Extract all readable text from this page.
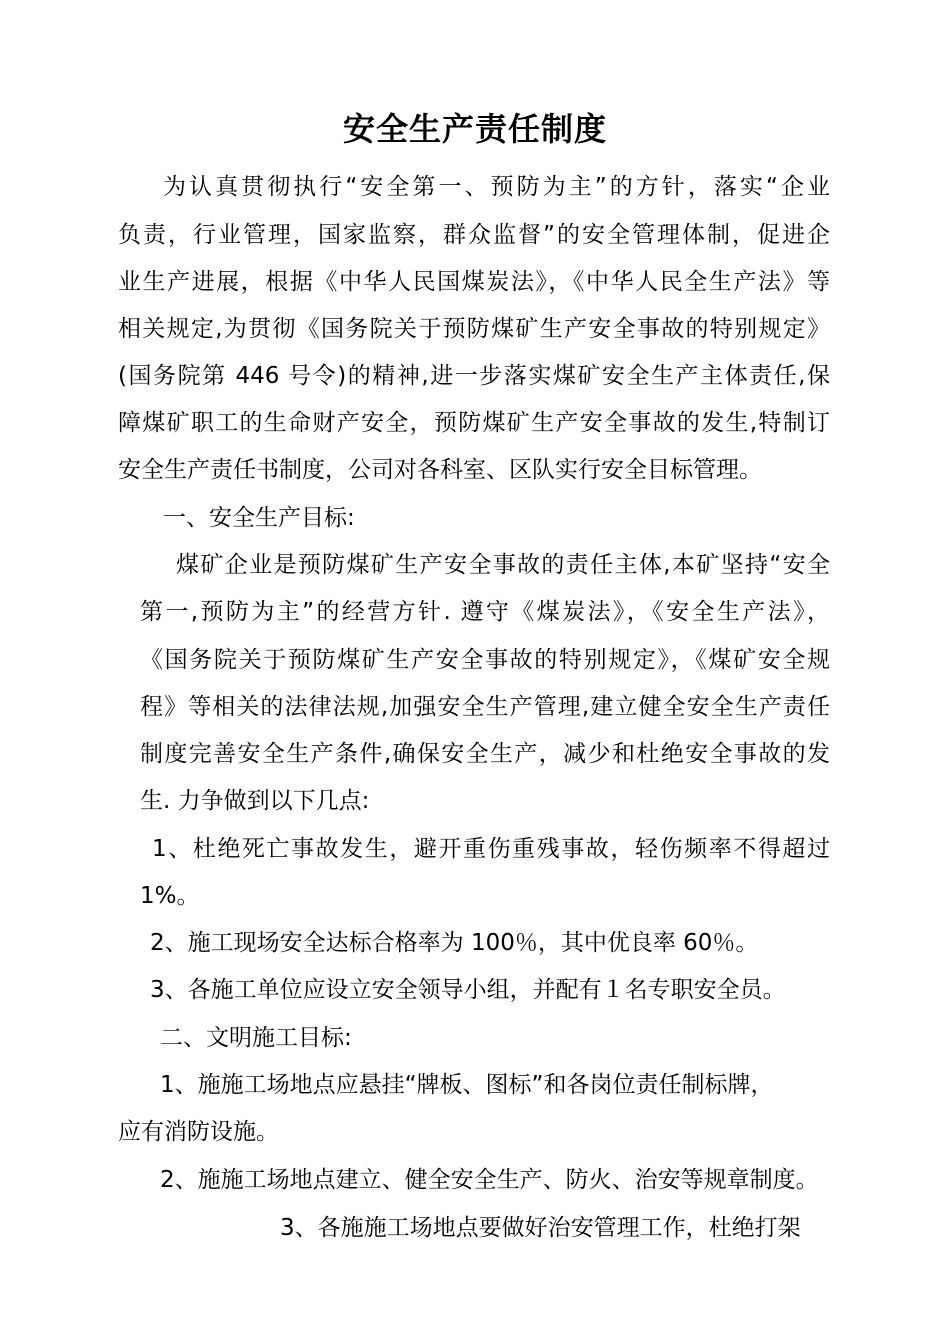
安全生产责任制度
为认真贯彻执行“安全第一、预防为主”的方针，落实“企业
负责，行业管理，国家监察，群众监督”的安全管理体制，促进企
业生产进展，根据《中华人民国煤炭法》，《中华人民全生产法》等
相关规定,为贯彻《国务院关于预防煤矿生产安全事故的特别规定》
(国务院第 446 号令)的精神,进一步落实煤矿安全生产主体责任,保
障煤矿职工的生命财产安全，预防煤矿生产安全事故的发生,特制订
安全生产责任书制度，公司对各科室、区队实行安全目标管理。
一、安全生产目标:
煤矿企业是预防煤矿生产安全事故的责任主体,本矿坚持“安全
第一,预防为主”的经营方针. 遵守《煤炭法》，《安全生产法》，
《国务院关于预防煤矿生产安全事故的特别规定》，《煤矿安全规
程》等相关的法律法规,加强安全生产管理,建立健全安全生产责任
制度完善安全生产条件,确保安全生产，减少和杜绝安全事故的发
生. 力争做到以下几点:
1、杜绝死亡事故发生，避开重伤重残事故，轻伤频率不得超过
1%。
2、施工现场安全达标合格率为 100％，其中优良率 60％。
3、各施工单位应设立安全领导小组，并配有１名专职安全员。
二、文明施工目标:
1、施施工场地点应悬挂“牌板、图标”和各岗位责任制标牌，
应有消防设施。
2、施施工场地点建立、健全安全生产、防火、治安等规章制度。
3、各施施工场地点要做好治安管理工作，杜绝打架
